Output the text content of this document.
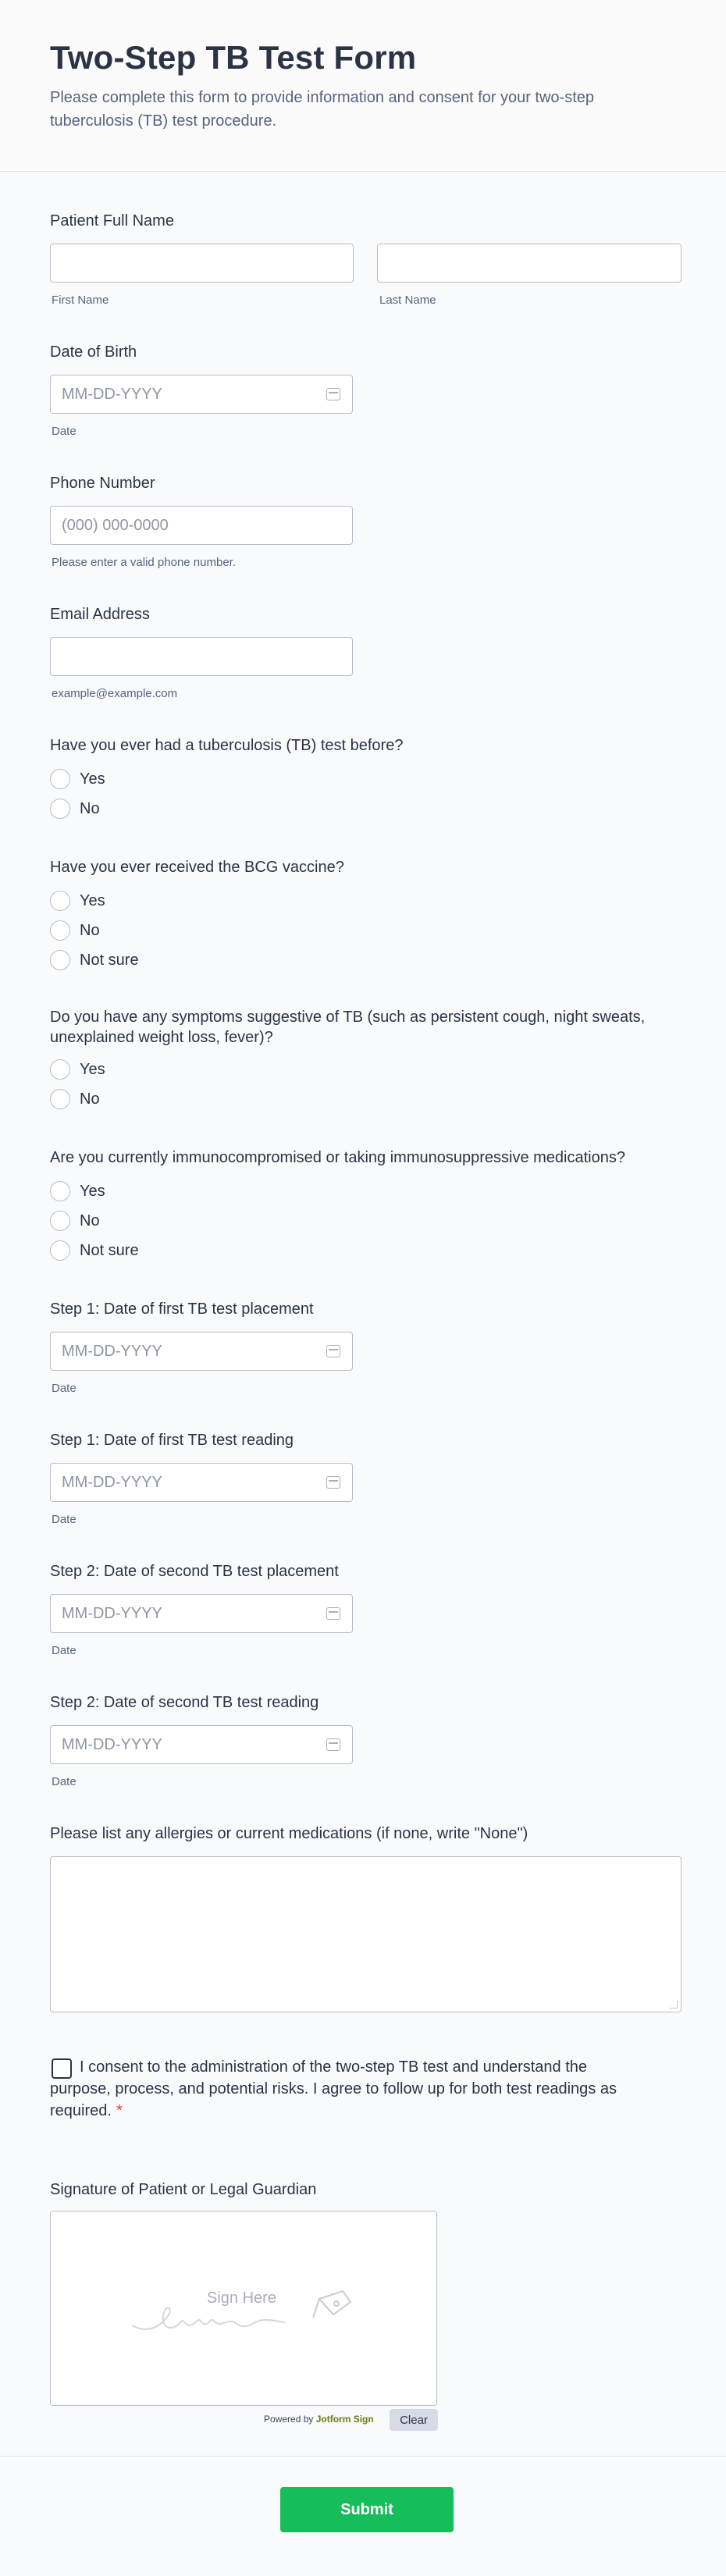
Two-Step TB Test Form

Please complete this form to provide information and consent for your two-step tuberculosis (TB) test procedure.

Patient Full Name
First Name	Last Name
Date of Birth
MM-DD-YYYY
Date
Phone Number
(000) 000-0000
Please enter a valid phone number.
Email Address
example@example.com
Have you ever had a tuberculosis (TB) test before?
Yes
No
Have you ever received the BCG vaccine?
Yes
No
Not sure
Do you have any symptoms suggestive of TB (such as persistent cough, night sweats, unexplained weight loss, fever)?
Yes
No
Are you currently immunocompromised or taking immunosuppressive medications?
Yes
No
Not sure
Step 1: Date of first TB test placement
MM-DD-YYYY
Date
Step 1: Date of first TB test reading
MM-DD-YYYY
Date
Step 2: Date of second TB test placement
MM-DD-YYYY
Date
Step 2: Date of second TB test reading
MM-DD-YYYY
Date
Please list any allergies or current medications (if none, write "None")
I consent to the administration of the two-step TB test and understand the purpose, process, and potential risks. I agree to follow up for both test readings as required. *
Signature of Patient or Legal Guardian
Sign Here
Powered by Jotform Sign	Clear
Submit
